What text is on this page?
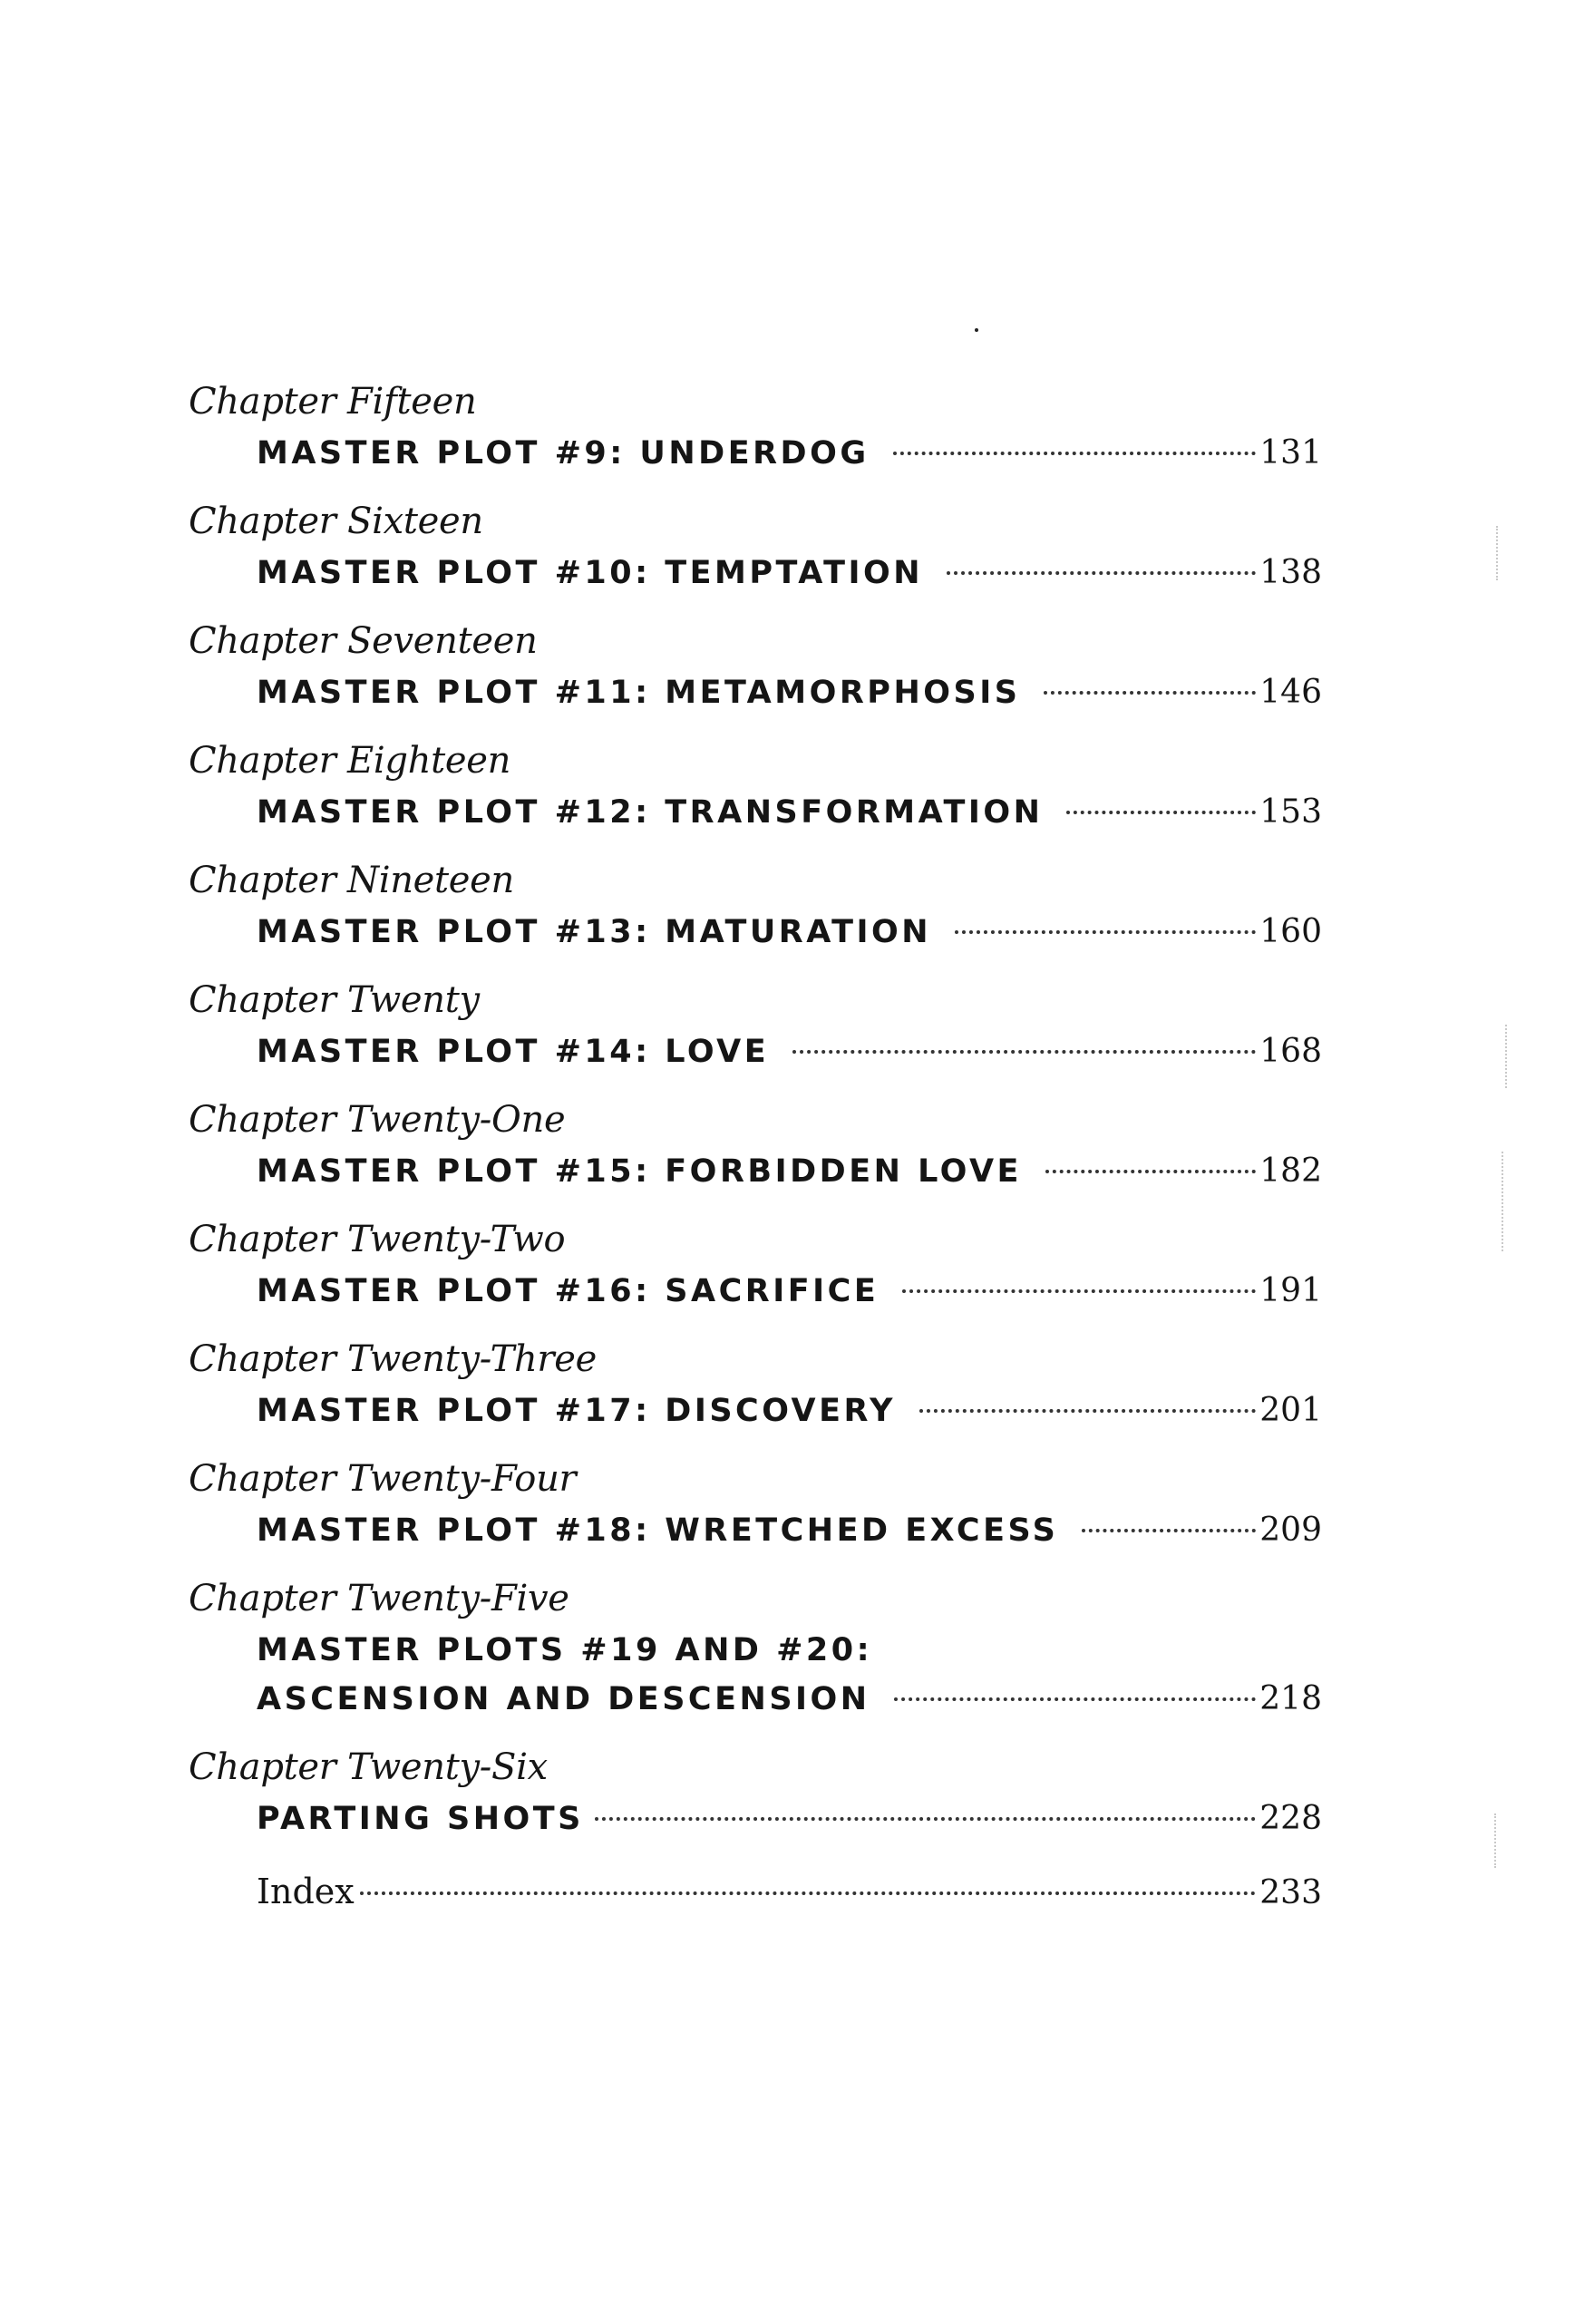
Chapter Fifteen
MASTER PLOT #9: UNDERDOG	131
Chapter Sixteen
MASTER PLOT #10: TEMPTATION	138
Chapter Seventeen
MASTER PLOT #11: METAMORPHOSIS	146
Chapter Eighteen
MASTER PLOT #12: TRANSFORMATION	153
Chapter Nineteen
MASTER PLOT #13: MATURATION	160
Chapter Twenty
MASTER PLOT #14: LOVE	168
Chapter Twenty-One
MASTER PLOT #15: FORBIDDEN LOVE	182
Chapter Twenty-Two
MASTER PLOT #16: SACRIFICE	191
Chapter Twenty-Three
MASTER PLOT #17: DISCOVERY	201
Chapter Twenty-Four
MASTER PLOT #18: WRETCHED EXCESS	209
Chapter Twenty-Five
MASTER PLOTS #19 AND #20:
ASCENSION AND DESCENSION	218
Chapter Twenty-Six
PARTING SHOTS	228
Index	233
